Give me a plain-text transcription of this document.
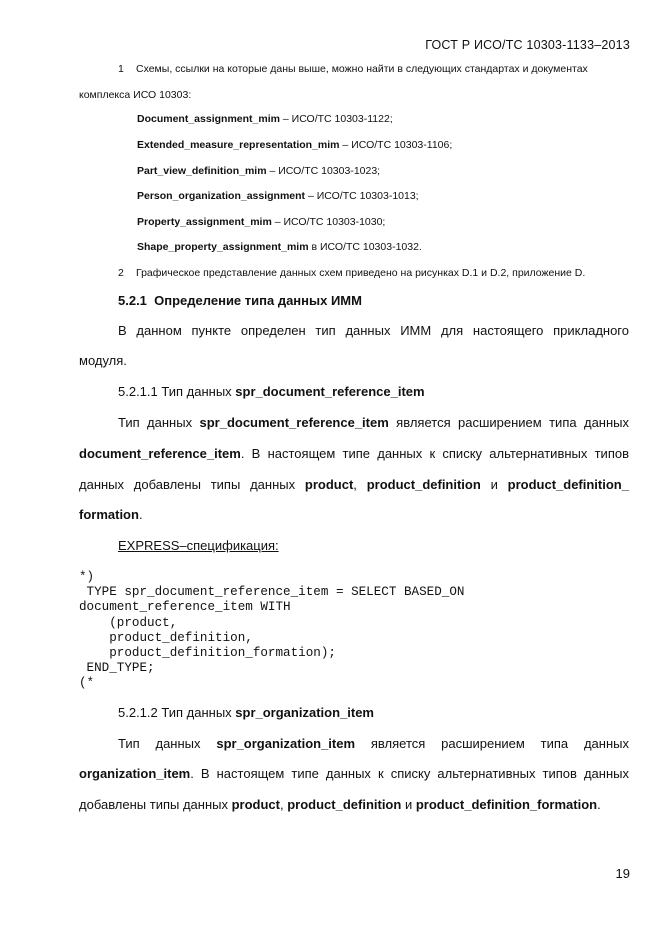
ГОСТ Р ИСО/ТС 10303-1133–2013
1 Схемы, ссылки на которые даны выше, можно найти в следующих стандартах и документах
комплекса ИСО 10303:
Document_assignment_mim – ИСО/ТС 10303-1122;
Extended_measure_representation_mim – ИСО/ТС 10303-1106;
Part_view_definition_mim – ИСО/ТС 10303-1023;
Person_organization_assignment – ИСО/ТС 10303-1013;
Property_assignment_mim – ИСО/ТС 10303-1030;
Shape_property_assignment_mim в ИСО/ТС 10303-1032.
2 Графическое представление данных схем приведено на рисунках D.1 и D.2, приложение D.
5.2.1 Определение типа данных ИММ
В данном пункте определен тип данных ИММ для настоящего прикладного
модуля.
5.2.1.1 Тип данных spr_document_reference_item
Тип данных spr_document_reference_item является расширением типа данных
document_reference_item. В настоящем типе данных к списку альтернативных типов
данных добавлены типы данных product, product_definition и product_definition_
formation.
EXPRESS–спецификация:
*)
TYPE spr_document_reference_item = SELECT BASED_ON
document_reference_item WITH
(product,
product_definition,
product_definition_formation);
END_TYPE;
(*
5.2.1.2 Тип данных spr_organization_item
Тип данных spr_organization_item является расширением типа данных
organization_item. В настоящем типе данных к списку альтернативных типов данных
добавлены типы данных product, product_definition и product_definition_formation.
19
